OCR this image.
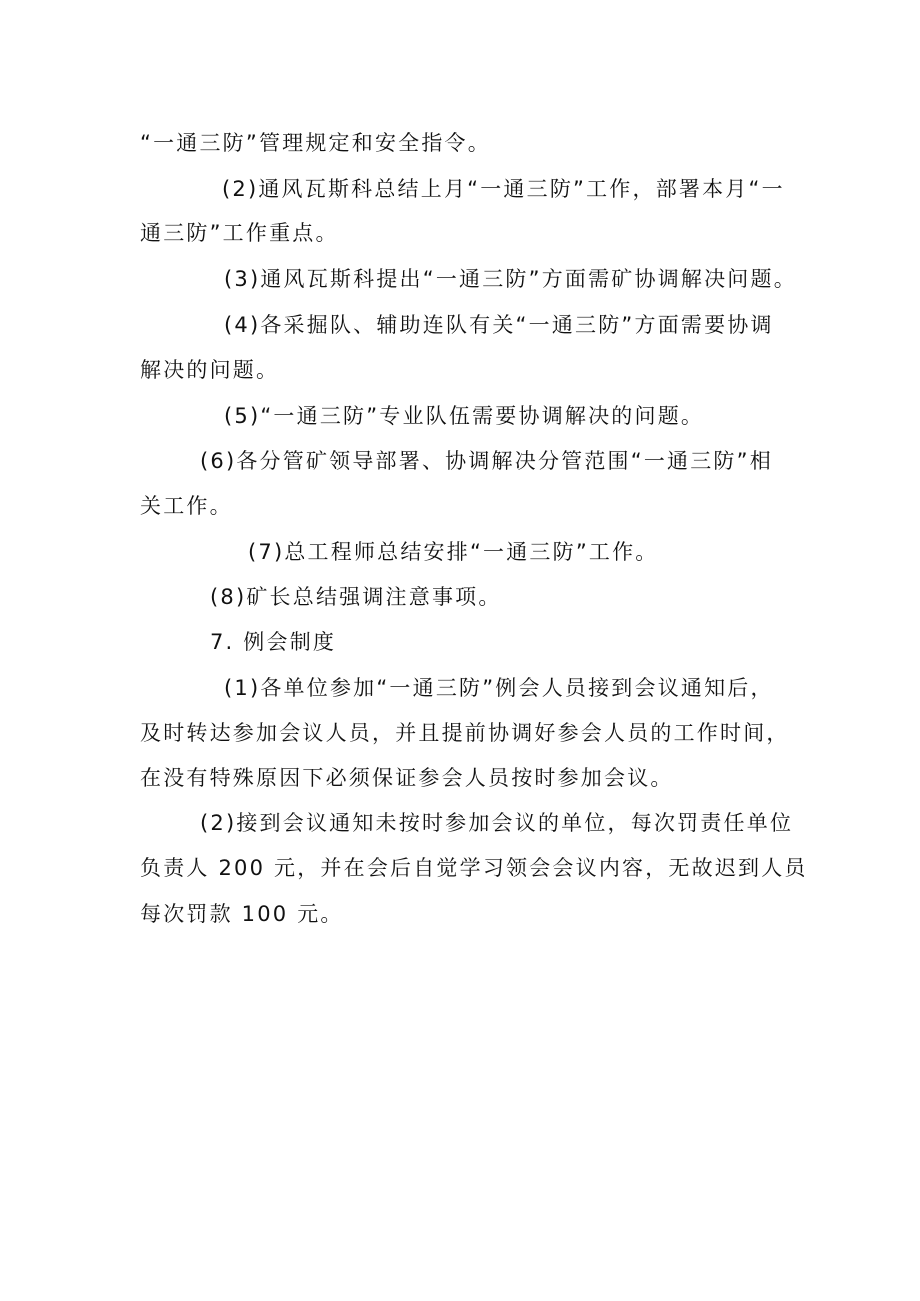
“一通三防”管理规定和安全指令。
(2)通风瓦斯科总结上月“一通三防”工作，部署本月“一
通三防”工作重点。
(3)通风瓦斯科提出“一通三防”方面需矿协调解决问题。
(4)各采掘队、辅助连队有关“一通三防”方面需要协调
解决的问题。
(5)“一通三防”专业队伍需要协调解决的问题。
(6)各分管矿领导部署、协调解决分管范围“一通三防”相
关工作。
(7)总工程师总结安排“一通三防”工作。
(8)矿长总结强调注意事项。
7. 例会制度
(1)各单位参加“一通三防”例会人员接到会议通知后，
及时转达参加会议人员，并且提前协调好参会人员的工作时间，
在没有特殊原因下必须保证参会人员按时参加会议。
(2)接到会议通知未按时参加会议的单位，每次罚责任单位
负责人 200 元，并在会后自觉学习领会会议内容，无故迟到人员
每次罚款 100 元。
